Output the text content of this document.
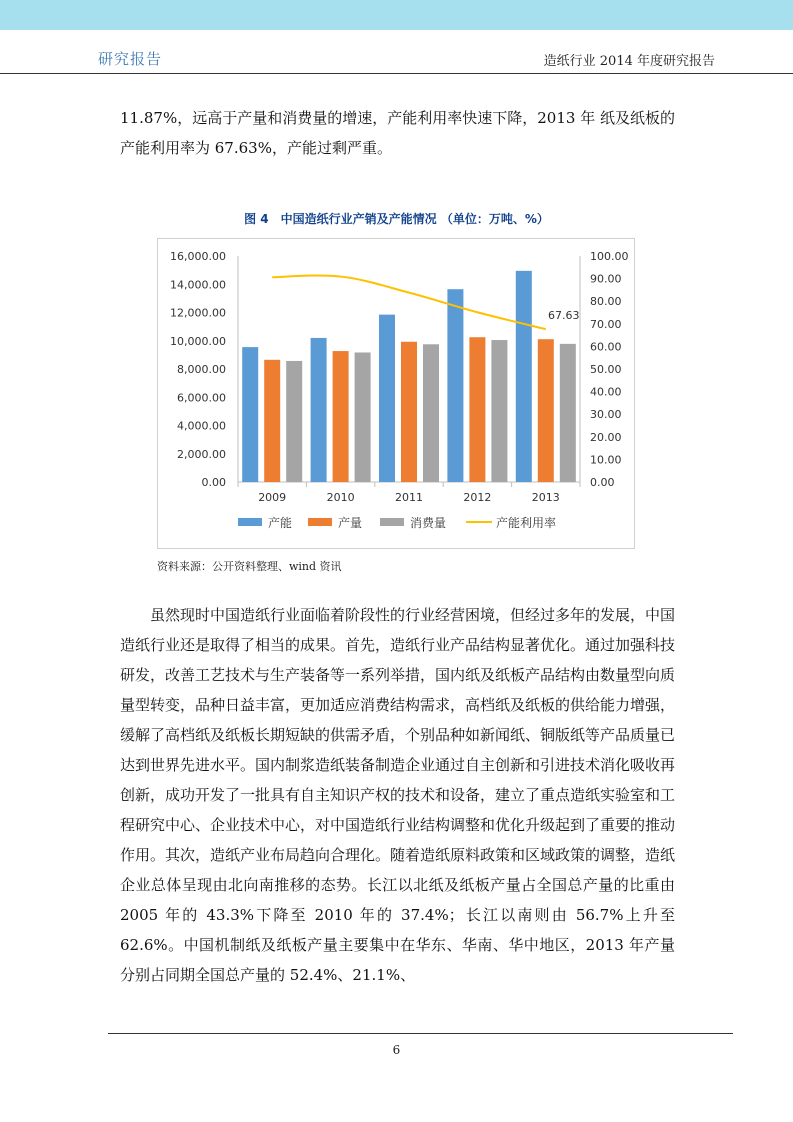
研究报告	造纸行业 2014 年度研究报告

11.87%，远高于产量和消费量的增速，产能利用率快速下降，2013 年 纸及纸板的产能利用率为 67.63%，产能过剩严重。

图 4　中国造纸行业产销及产能情况 （单位：万吨、%）
0.00
2,000.00
4,000.00
6,000.00
8,000.00
10,000.00
12,000.00
14,000.00
16,000.00
0.00
10.00
20.00
30.00
40.00
50.00
60.00
70.00
80.00
90.00
100.00
2009	2010	2011	2012	2013
67.63
产能	产量	消费量	产能利用率
资料来源：公开资料整理、wind 资讯

虽然现时中国造纸行业面临着阶段性的行业经营困境，但经过多年的发展，中国造纸行业还是取得了相当的成果。首先，造纸行业产品结构显著优化。通过加强科技研发，改善工艺技术与生产装备等一系列举措，国内纸及纸板产品结构由数量型向质量型转变，品种日益丰富，更加适应消费结构需求，高档纸及纸板的供给能力增强，缓解了高档纸及纸板长期短缺的供需矛盾，个别品种如新闻纸、铜版纸等产品质量已达到世界先进水平。国内制浆造纸装备制造企业通过自主创新和引进技术消化吸收再创新，成功开发了一批具有自主知识产权的技术和设备，建立了重点造纸实验室和工程研究中心、企业技术中心，对中国造纸行业结构调整和优化升级起到了重要的推动作用。其次，造纸产业布局趋向合理化。随着造纸原料政策和区域政策的调整，造纸企业总体呈现由北向南推移的态势。长江以北纸及纸板产量占全国总产量的比重由 2005 年的 43.3%下降至 2010 年的 37.4%；长江以南则由 56.7%上升至 62.6%。中国机制纸及纸板产量主要集中在华东、华南、华中地区，2013 年产量分别占同期全国总产量的 52.4%、21.1%、

6
